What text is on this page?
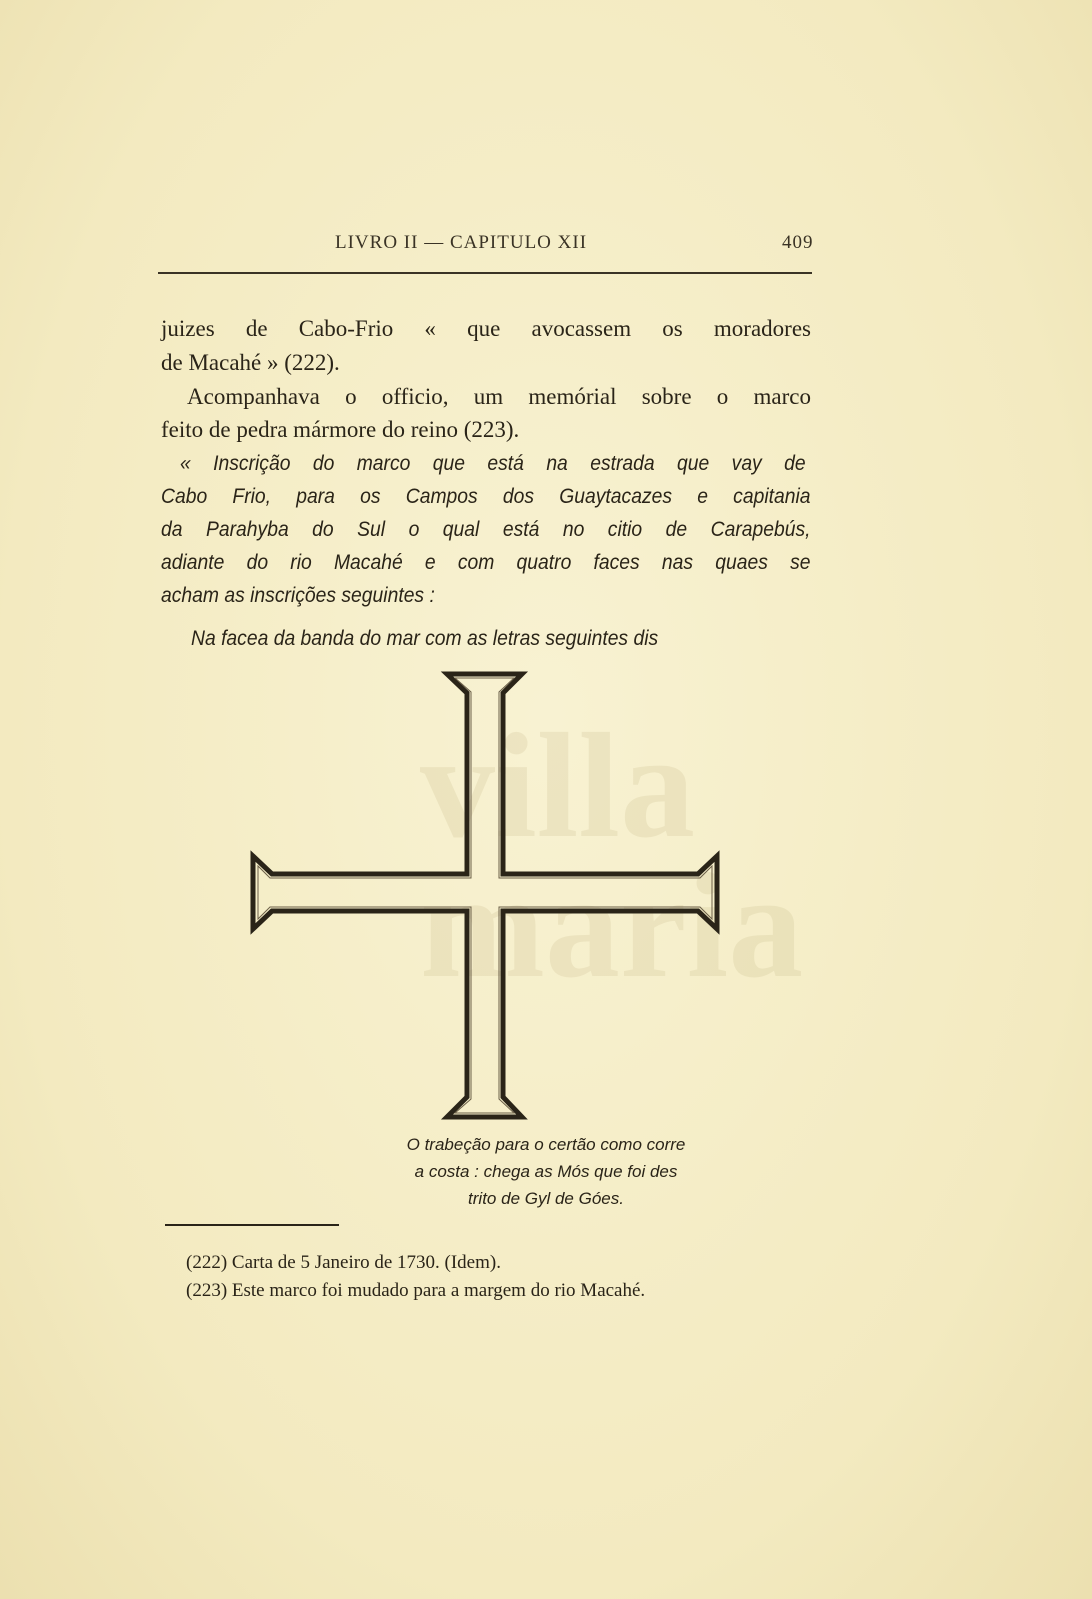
villa
maria
LIVRO II — CAPITULO XII	409
juizes de Cabo-Frio « que avocassem os moradores
de Macahé » (222).
Acompanhava o officio, um memórial sobre o marco
feito de pedra mármore do reino (223).
« Inscrição do marco que está na estrada que vay de
Cabo Frio, para os Campos dos Guaytacazes e capitania
da Parahyba do Sul o qual está no citio de Carapebús,
adiante do rio Macahé e com quatro faces nas quaes se
acham as inscrições seguintes :
Na facea da banda do mar com as letras seguintes dis
O trabeção para o certão como corre
a costa : chega as Mós que foi des
trito de Gyl de Góes.
(222) Carta de 5 Janeiro de 1730. (Idem).
(223) Este marco foi mudado para a margem do rio Macahé.
